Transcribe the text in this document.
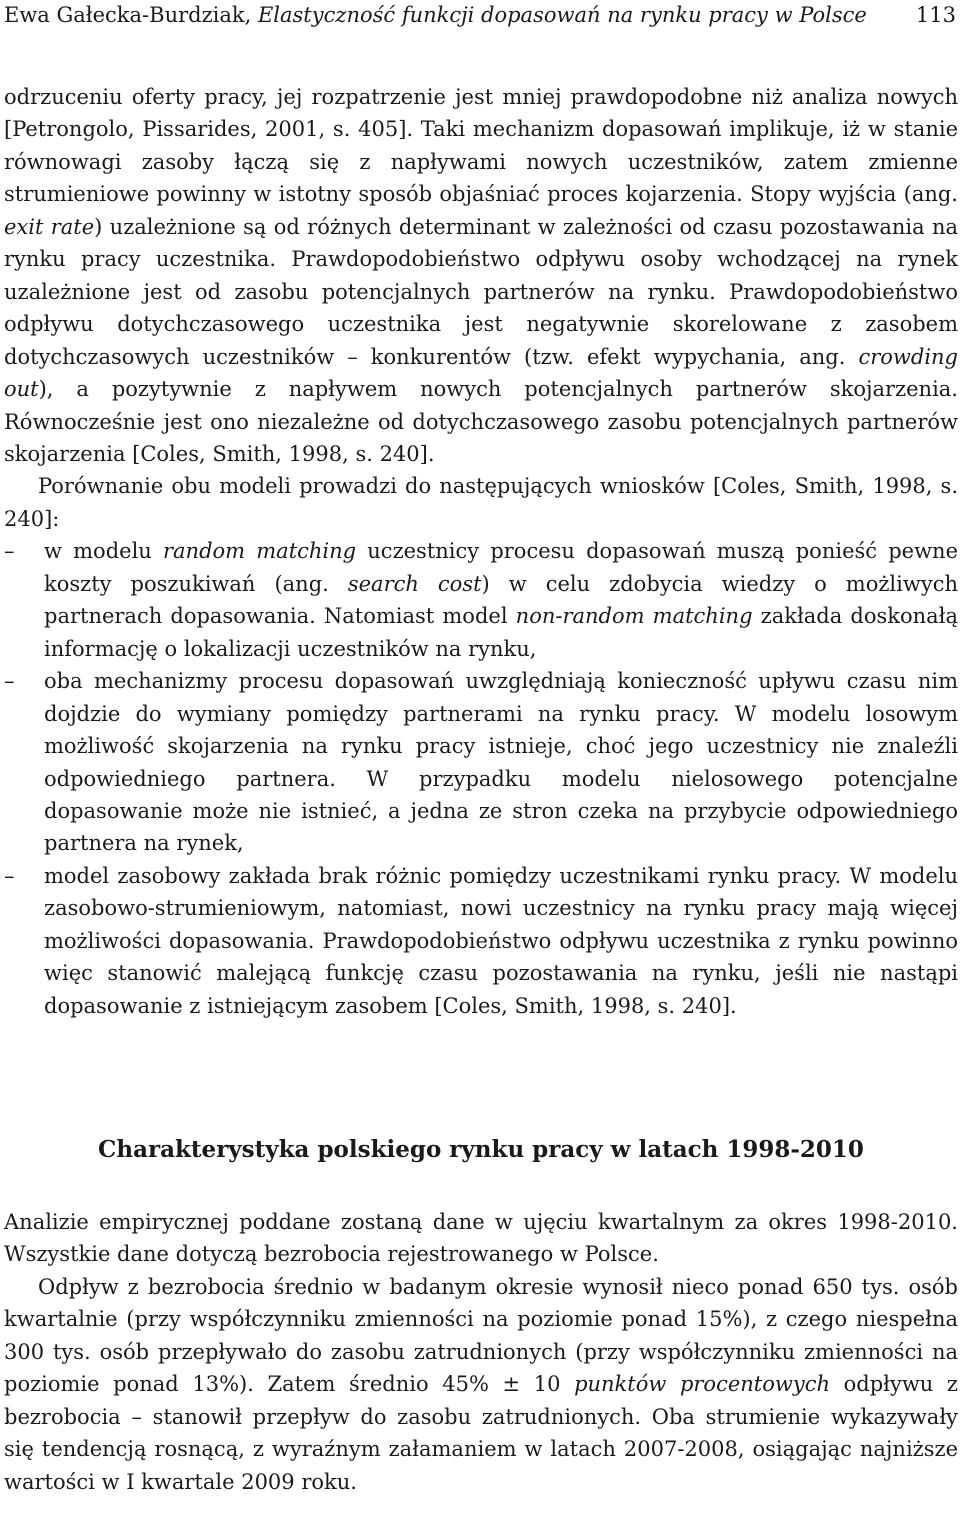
Ewa Gałecka-Burdziak, Elastyczność funkcji dopasowań na rynku pracy w Polsce 113

odrzuceniu oferty pracy, jej rozpatrzenie jest mniej prawdopodobne niż analiza nowych [Petrongolo, Pissarides, 2001, s. 405]. Taki mechanizm dopasowań implikuje, iż w stanie równowagi zasoby łączą się z napływami nowych uczestników, zatem zmienne strumieniowe powinny w istotny sposób objaśniać proces kojarzenia. Stopy wyjścia (ang. exit rate) uzależnione są od różnych determinant w zależności od czasu pozostawania na rynku pracy uczestnika. Prawdopodobieństwo odpływu osoby wchodzącej na rynek uzależnione jest od zasobu potencjalnych partnerów na rynku. Prawdopodobieństwo odpływu dotychczasowego uczestnika jest negatywnie skorelowane z zasobem dotychczasowych uczestników – konkurentów (tzw. efekt wypychania, ang. crowding out), a pozytywnie z napływem nowych potencjalnych partnerów skojarzenia. Równocześnie jest ono niezależne od dotychczasowego zasobu potencjalnych partnerów skojarzenia [Coles, Smith, 1998, s. 240].

Porównanie obu modeli prowadzi do następujących wniosków [Coles, Smith, 1998, s. 240]:

– w modelu random matching uczestnicy procesu dopasowań muszą ponieść pewne koszty poszukiwań (ang. search cost) w celu zdobycia wiedzy o możliwych partnerach dopasowania. Natomiast model non-random matching zakłada doskonałą informację o lokalizacji uczestników na rynku,

– oba mechanizmy procesu dopasowań uwzględniają konieczność upływu czasu nim dojdzie do wymiany pomiędzy partnerami na rynku pracy. W modelu losowym możliwość skojarzenia na rynku pracy istnieje, choć jego uczestnicy nie znaleźli odpowiedniego partnera. W przypadku modelu nielosowego potencjalne dopasowanie może nie istnieć, a jedna ze stron czeka na przybycie odpowiedniego partnera na rynek,

– model zasobowy zakłada brak różnic pomiędzy uczestnikami rynku pracy. W modelu zasobowo-strumieniowym, natomiast, nowi uczestnicy na rynku pracy mają więcej możliwości dopasowania. Prawdopodobieństwo odpływu uczestnika z rynku powinno więc stanowić malejącą funkcję czasu pozostawania na rynku, jeśli nie nastąpi dopasowanie z istniejącym zasobem [Coles, Smith, 1998, s. 240].

Charakterystyka polskiego rynku pracy w latach 1998-2010

Analizie empirycznej poddane zostaną dane w ujęciu kwartalnym za okres 1998-2010. Wszystkie dane dotyczą bezrobocia rejestrowanego w Polsce.

Odpływ z bezrobocia średnio w badanym okresie wynosił nieco ponad 650 tys. osób kwartalnie (przy współczynniku zmienności na poziomie ponad 15%), z czego niespełna 300 tys. osób przepływało do zasobu zatrudnionych (przy współczynniku zmienności na poziomie ponad 13%). Zatem średnio 45% ± 10 punktów procentowych odpływu z bezrobocia – stanowił przepływ do zasobu zatrudnionych. Oba strumienie wykazywały się tendencją rosnącą, z wyraźnym załamaniem w latach 2007-2008, osiągając najniższe wartości w I kwartale 2009 roku.
